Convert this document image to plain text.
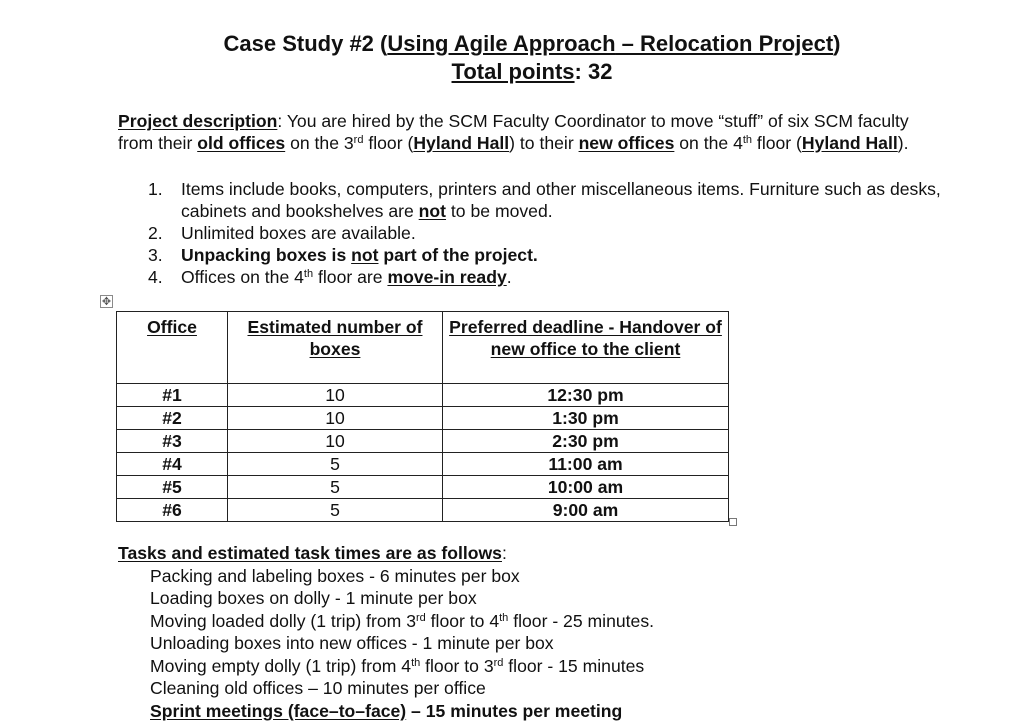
Case Study #2 (Using Agile Approach – Relocation Project)
Total points: 32
Project description: You are hired by the SCM Faculty Coordinator to move “stuff” of six SCM faculty from their old offices on the 3rd floor (Hyland Hall) to their new offices on the 4th floor (Hyland Hall).
1. Items include books, computers, printers and other miscellaneous items. Furniture such as desks, cabinets and bookshelves are not to be moved.
2. Unlimited boxes are available.
3. Unpacking boxes is not part of the project.
4. Offices on the 4th floor are move-in ready.
✥
Office	Estimated number of boxes	Preferred deadline - Handover of new office to the client
#1	10	12:30 pm
#2	10	1:30 pm
#3	10	2:30 pm
#4	5	11:00 am
#5	5	10:00 am
#6	5	9:00 am
Tasks and estimated task times are as follows:
Packing and labeling boxes - 6 minutes per box
Loading boxes on dolly - 1 minute per box
Moving loaded dolly (1 trip) from 3rd floor to 4th floor - 25 minutes.
Unloading boxes into new offices - 1 minute per box
Moving empty dolly (1 trip) from 4th floor to 3rd floor - 15 minutes
Cleaning old offices – 10 minutes per office
Sprint meetings (face–to–face) – 15 minutes per meeting
